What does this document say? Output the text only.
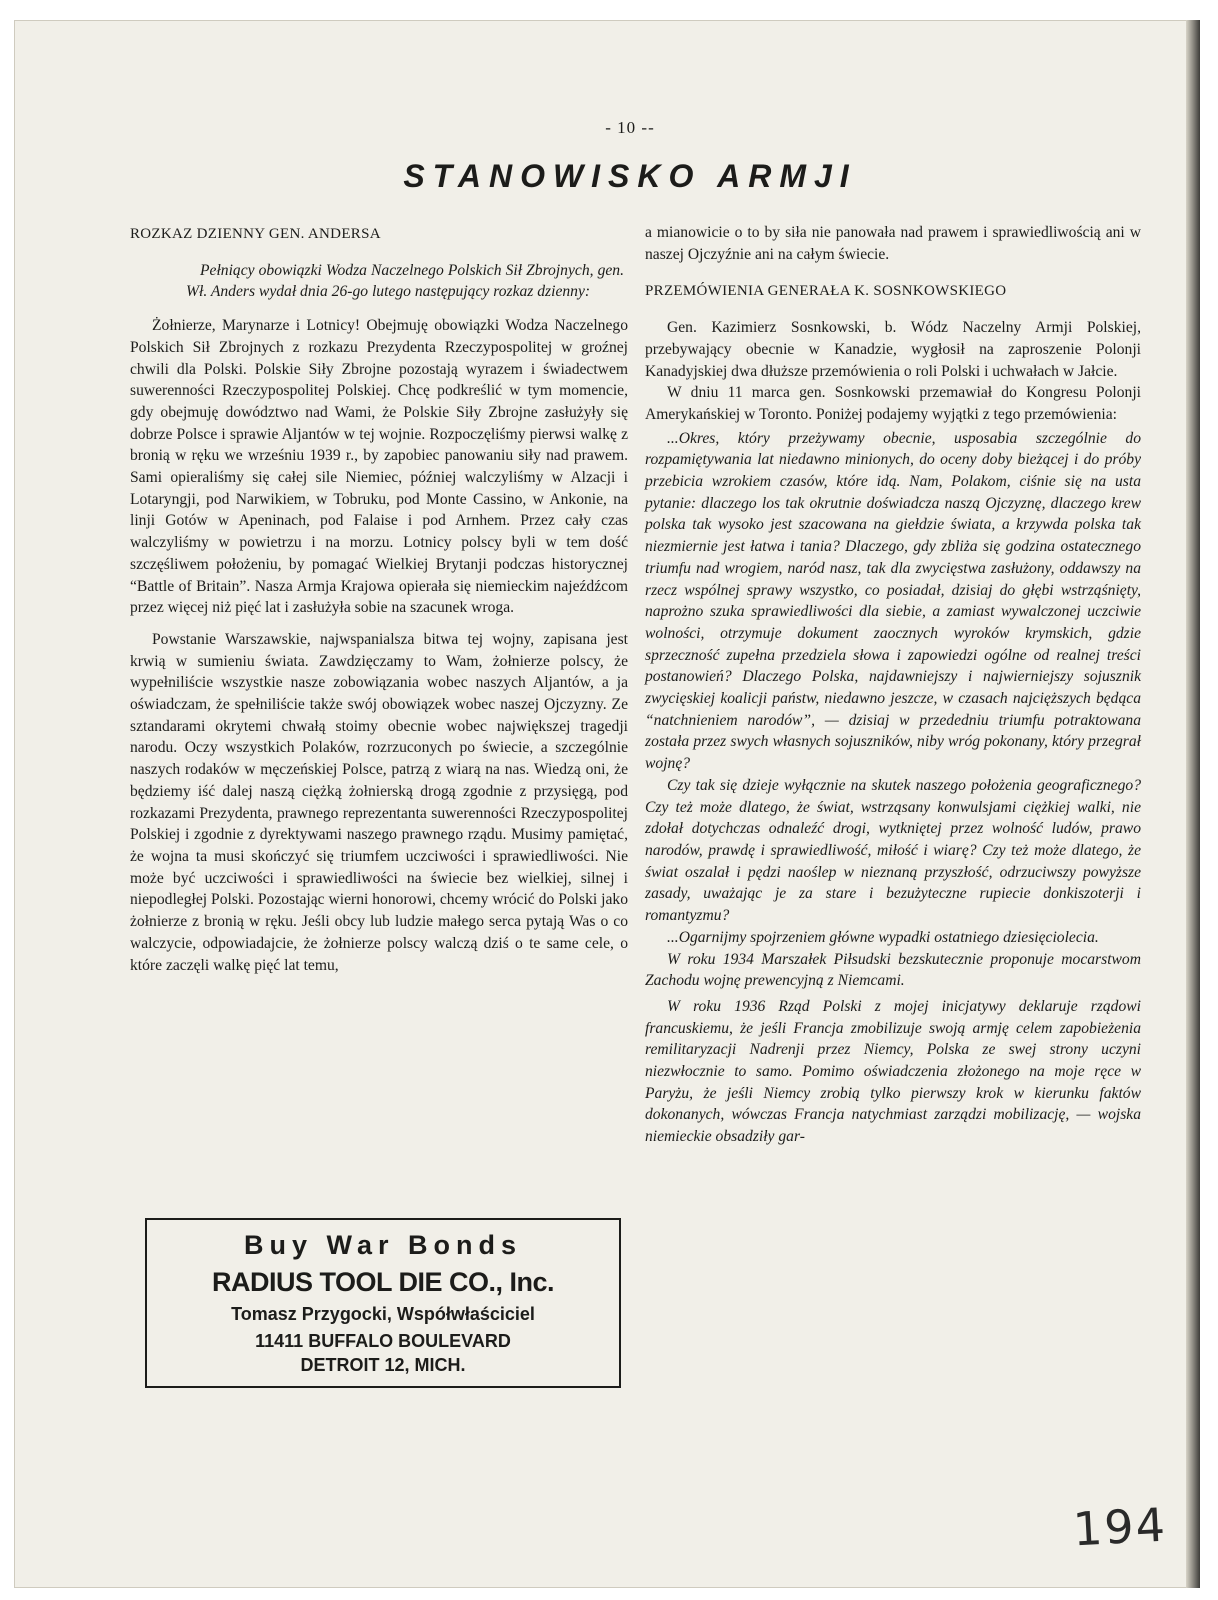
- 10 --
STANOWISKO ARMJI

ROZKAZ DZIENNY GEN. ANDERSA

Pełniący obowiązki Wodza Naczelnego Polskich Sił Zbrojnych, gen. Wł. Anders wydał dnia 26-go lutego następujący rozkaz dzienny:

Żołnierze, Marynarze i Lotnicy! Obejmuję obowiązki Wodza Naczelnego Polskich Sił Zbrojnych z rozkazu Prezydenta Rzeczypospolitej w groźnej chwili dla Polski. Polskie Siły Zbrojne pozostają wyrazem i świadectwem suwerenności Rzeczypospolitej Polskiej. Chcę podkreślić w tym momencie, gdy obejmuję dowództwo nad Wami, że Polskie Siły Zbrojne zasłużyły się dobrze Polsce i sprawie Aljantów w tej wojnie. Rozpoczęliśmy pierwsi walkę z bronią w ręku we wrześniu 1939 r., by zapobiec panowaniu siły nad prawem. Sami opieraliśmy się całej sile Niemiec, później walczyliśmy w Alzacji i Lotaryngji, pod Narwikiem, w Tobruku, pod Monte Cassino, w Ankonie, na linji Gotów w Apeninach, pod Falaise i pod Arnhem. Przez cały czas walczyliśmy w powietrzu i na morzu. Lotnicy polscy byli w tem dość szczęśliwem położeniu, by pomagać Wielkiej Brytanji podczas historycznej “Battle of Britain”. Nasza Armja Krajowa opierała się niemieckim najeźdźcom przez więcej niż pięć lat i zasłużyła sobie na szacunek wroga.

Powstanie Warszawskie, najwspanialsza bitwa tej wojny, zapisana jest krwią w sumieniu świata. Zawdzięczamy to Wam, żołnierze polscy, że wypełniliście wszystkie nasze zobowiązania wobec naszych Aljantów, a ja oświadczam, że spełniliście także swój obowiązek wobec naszej Ojczyzny. Ze sztandarami okrytemi chwałą stoimy obecnie wobec największej tragedji narodu. Oczy wszystkich Polaków, rozrzuconych po świecie, a szczególnie naszych rodaków w męczeńskiej Polsce, patrzą z wiarą na nas. Wiedzą oni, że będziemy iść dalej naszą ciężką żołnierską drogą zgodnie z przysięgą, pod rozkazami Prezydenta, prawnego reprezentanta suwerenności Rzeczypospolitej Polskiej i zgodnie z dyrektywami naszego prawnego rządu. Musimy pamiętać, że wojna ta musi skończyć się triumfem uczciwości i sprawiedliwości. Nie może być uczciwości i sprawiedliwości na świecie bez wielkiej, silnej i niepodległej Polski. Pozostając wierni honorowi, chcemy wrócić do Polski jako żołnierze z bronią w ręku. Jeśli obcy lub ludzie małego serca pytają Was o co walczycie, odpowiadajcie, że żołnierze polscy walczą dziś o te same cele, o które zaczęli walkę pięć lat temu,

Buy War Bonds
RADIUS TOOL DIE CO., Inc.
Tomasz Przygocki, Współwłaściciel
11411 BUFFALO BOULEVARD
DETROIT 12, MICH.

a mianowicie o to by siła nie panowała nad prawem i sprawiedliwością ani w naszej Ojczyźnie ani na całym świecie.

PRZEMÓWIENIA GENERAŁA K. SOSNKOWSKIEGO

Gen. Kazimierz Sosnkowski, b. Wódz Naczelny Armji Polskiej, przebywający obecnie w Kanadzie, wygłosił na zaproszenie Polonji Kanadyjskiej dwa dłuższe przemówienia o roli Polski i uchwałach w Jałcie.

W dniu 11 marca gen. Sosnkowski przemawiał do Kongresu Polonji Amerykańskiej w Toronto. Poniżej podajemy wyjątki z tego przemówienia:

...Okres, który przeżywamy obecnie, usposabia szczególnie do rozpamiętywania lat niedawno minionych, do oceny doby bieżącej i do próby przebicia wzrokiem czasów, które idą. Nam, Polakom, ciśnie się na usta pytanie: dlaczego los tak okrutnie doświadcza naszą Ojczyznę, dlaczego krew polska tak wysoko jest szacowana na giełdzie świata, a krzywda polska tak niezmiernie jest łatwa i tania? Dlaczego, gdy zbliża się godzina ostatecznego triumfu nad wrogiem, naród nasz, tak dla zwycięstwa zasłużony, oddawszy na rzecz wspólnej sprawy wszystko, co posiadał, dzisiaj do głębi wstrząśnięty, naprożno szuka sprawiedliwości dla siebie, a zamiast wywalczonej uczciwie wolności, otrzymuje dokument zaocznych wyroków krymskich, gdzie sprzeczność zupełna przedziela słowa i zapowiedzi ogólne od realnej treści postanowień? Dlaczego Polska, najdawniejszy i najwierniejszy sojusznik zwycięskiej koalicji państw, niedawno jeszcze, w czasach najcięższych będąca “natchnieniem narodów”, — dzisiaj w przededniu triumfu potraktowana została przez swych własnych sojuszników, niby wróg pokonany, który przegrał wojnę?

Czy tak się dzieje wyłącznie na skutek naszego położenia geograficznego? Czy też może dlatego, że świat, wstrząsany konwulsjami ciężkiej walki, nie zdołał dotychczas odnaleźć drogi, wytkniętej przez wolność ludów, prawo narodów, prawdę i sprawiedliwość, miłość i wiarę? Czy też może dlatego, że świat oszalał i pędzi naoślep w nieznaną przyszłość, odrzuciwszy powyższe zasady, uważając je za stare i bezużyteczne rupiecie donkiszoterji i romantyzmu?

...Ogarnijmy spojrzeniem główne wypadki ostatniego dziesięciolecia.

W roku 1934 Marszałek Piłsudski bezskutecznie proponuje mocarstwom Zachodu wojnę prewencyjną z Niemcami.

W roku 1936 Rząd Polski z mojej inicjatywy deklaruje rządowi francuskiemu, że jeśli Francja zmobilizuje swoją armję celem zapobieżenia remilitaryzacji Nadrenji przez Niemcy, Polska ze swej strony uczyni niezwłocznie to samo. Pomimo oświadczenia złożonego na moje ręce w Paryżu, że jeśli Niemcy zrobią tylko pierwszy krok w kierunku faktów dokonanych, wówczas Francja natychmiast zarządzi mobilizację, — wojska niemieckie obsadziły gar-

194
